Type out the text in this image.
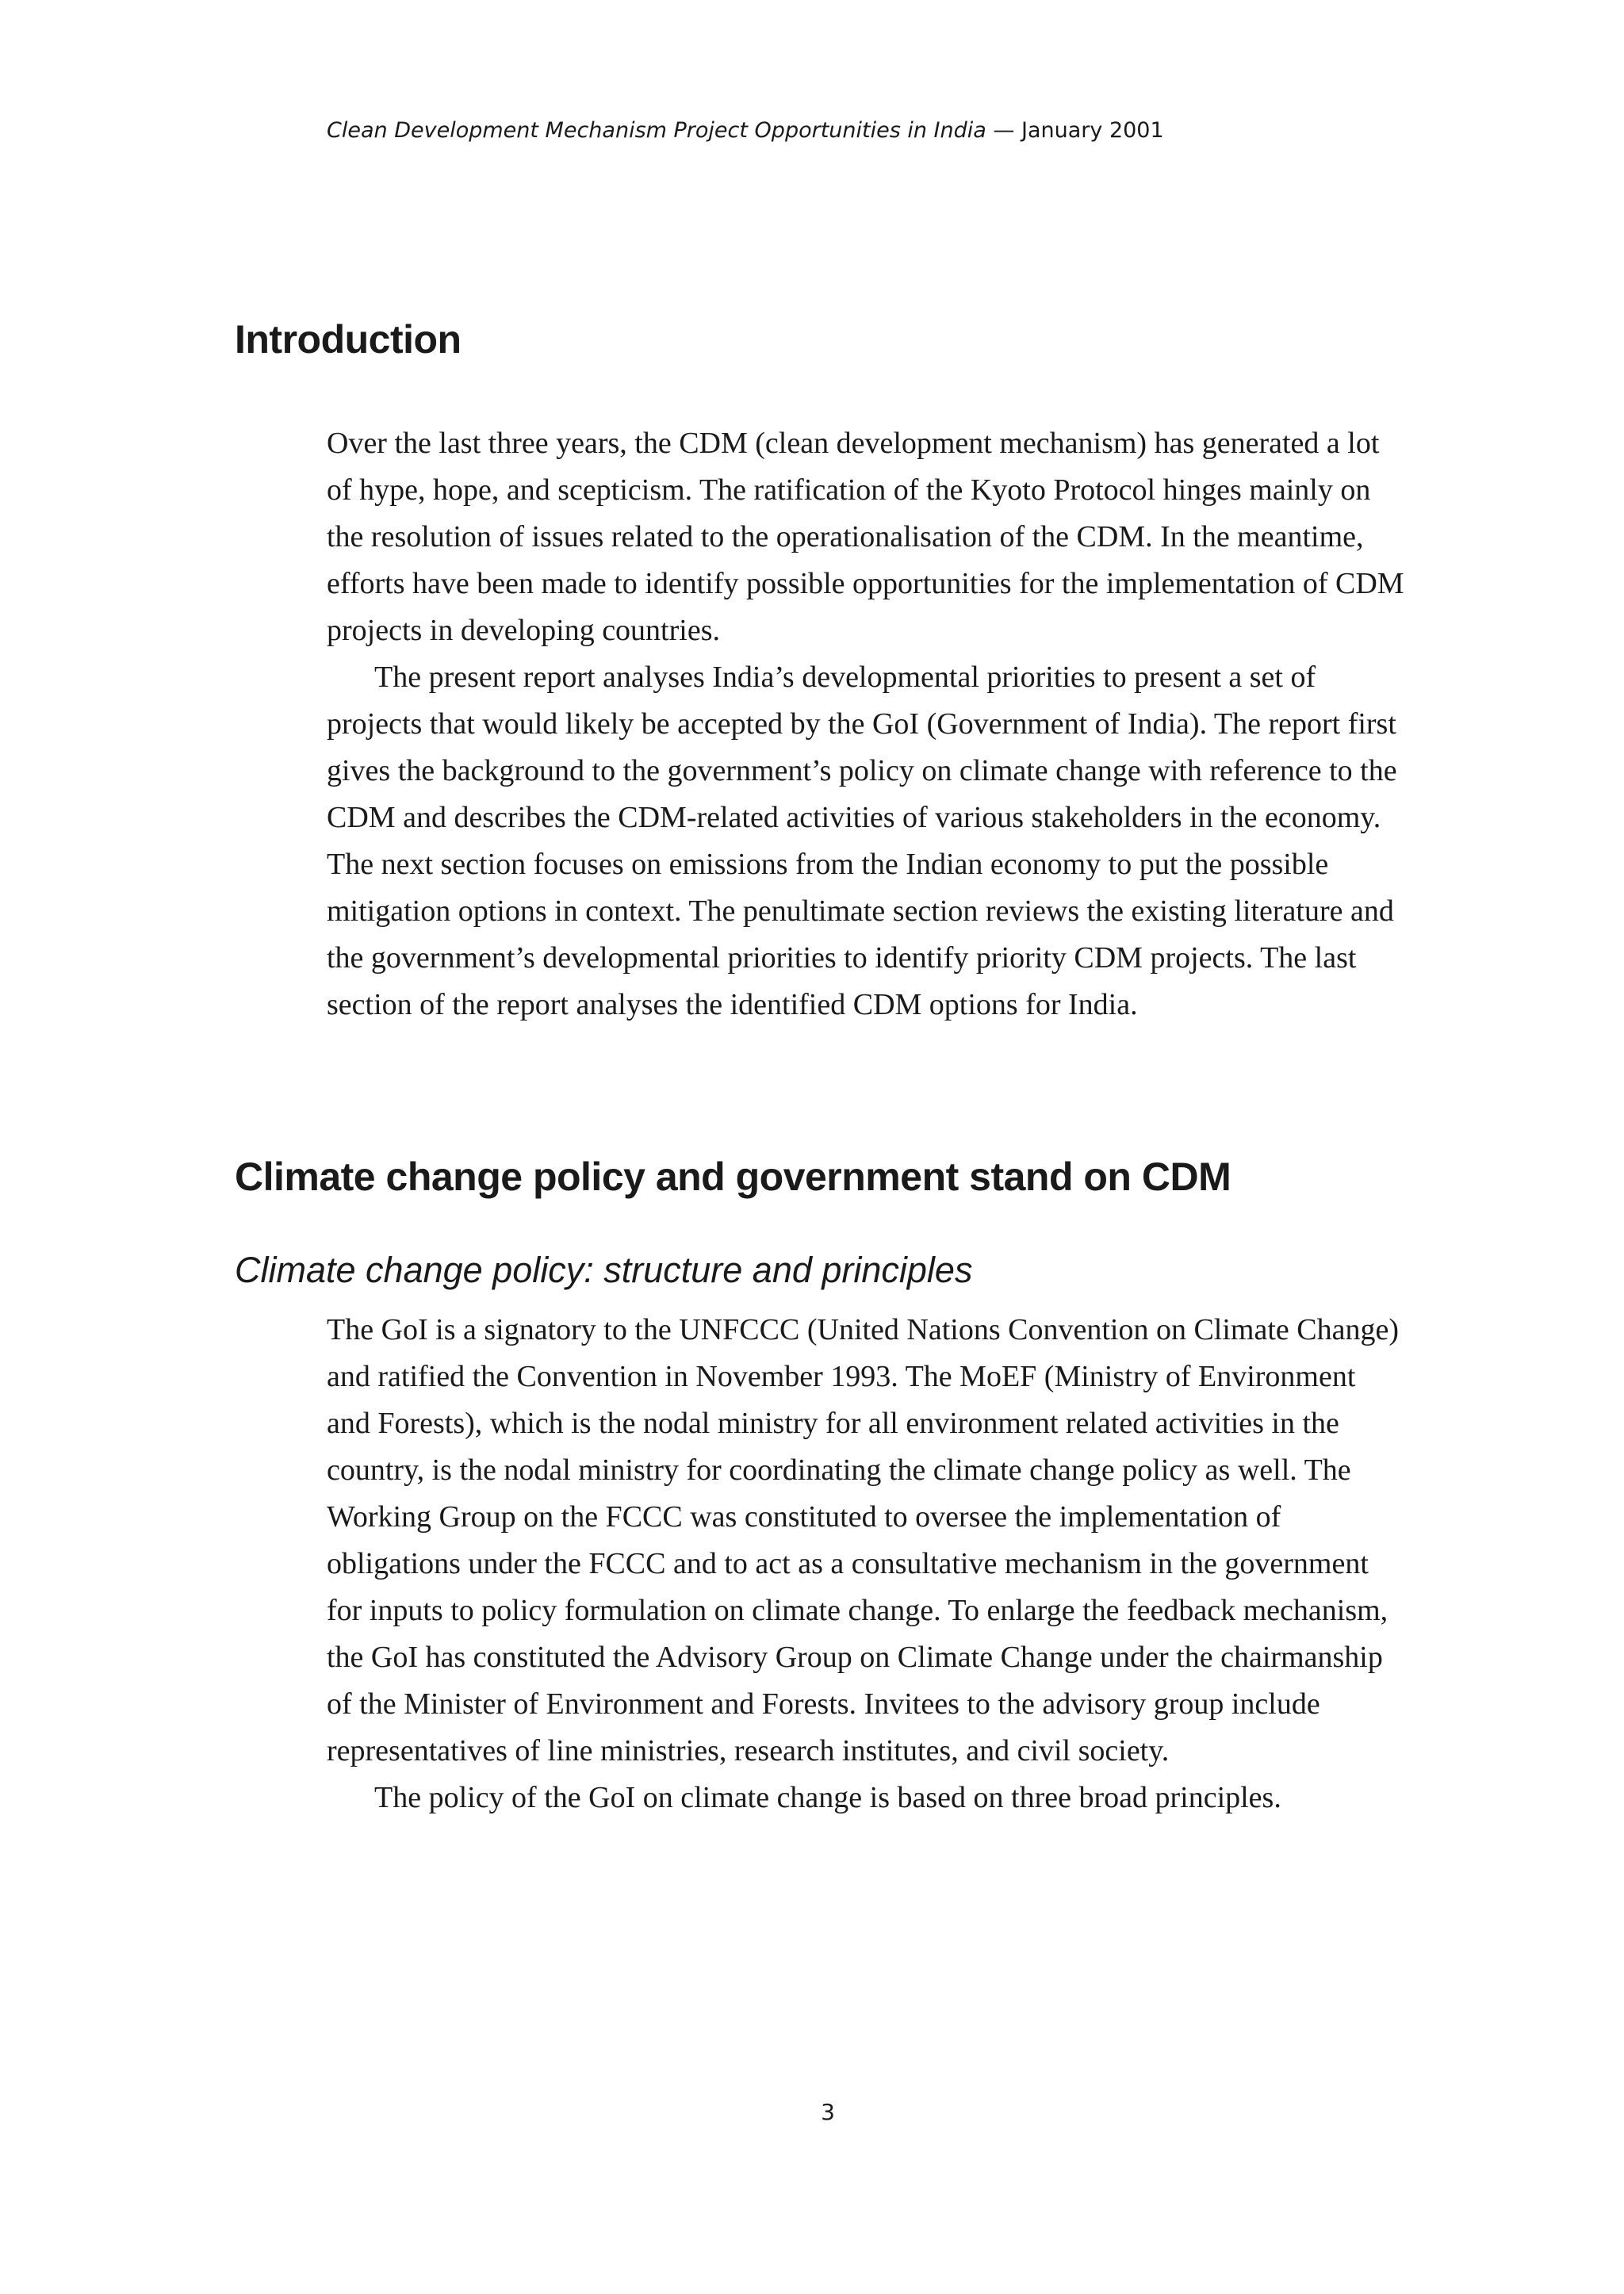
Clean Development Mechanism Project Opportunities in India — January 2001
Introduction

Over the last three years, the CDM (clean development mechanism) has generated a lot of hype, hope, and scepticism. The ratification of the Kyoto Protocol hinges mainly on the resolution of issues related to the operationalisation of the CDM. In the meantime, efforts have been made to identify possible opportunities for the implementation of CDM projects in developing countries.

The present report analyses India’s developmental priorities to present a set of projects that would likely be accepted by the GoI (Government of India). The report first gives the background to the government’s policy on climate change with reference to the CDM and describes the CDM-related activities of various stakeholders in the economy. The next section focuses on emissions from the Indian economy to put the possible mitigation options in context. The penultimate section reviews the existing literature and the government’s developmental priorities to identify priority CDM projects. The last section of the report analyses the identified CDM options for India.

Climate change policy and government stand on CDM
Climate change policy: structure and principles

The GoI is a signatory to the UNFCCC (United Nations Convention on Climate Change) and ratified the Convention in November 1993. The MoEF (Ministry of Environment and Forests), which is the nodal ministry for all environment related activities in the country, is the nodal ministry for coordinating the climate change policy as well. The Working Group on the FCCC was constituted to oversee the implementation of obligations under the FCCC and to act as a consultative mechanism in the government for inputs to policy formulation on climate change. To enlarge the feedback mechanism, the GoI has constituted the Advisory Group on Climate Change under the chairmanship of the Minister of Environment and Forests. Invitees to the advisory group include representatives of line ministries, research institutes, and civil society.

The policy of the GoI on climate change is based on three broad principles.

3
